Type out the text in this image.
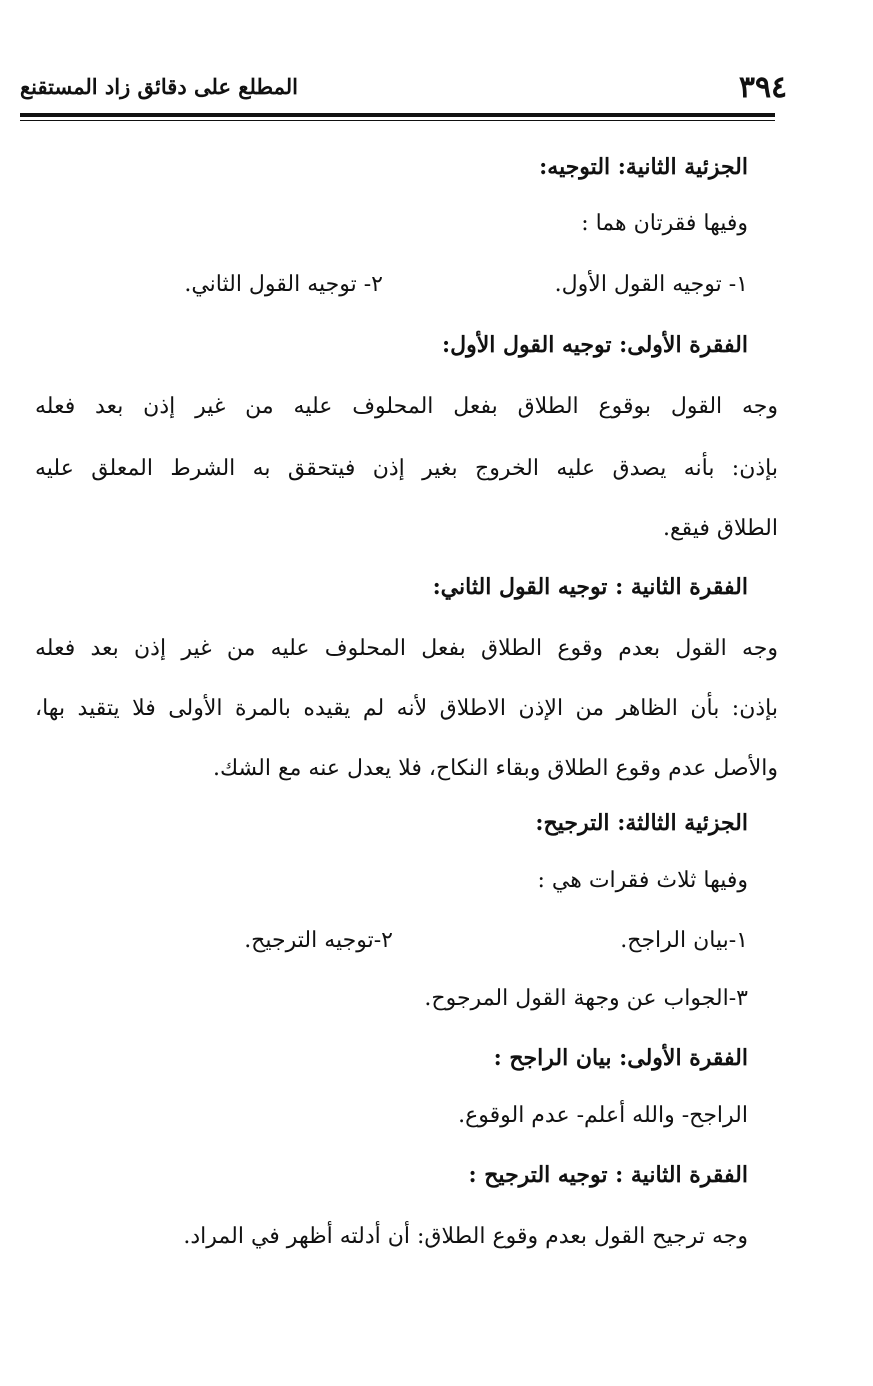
٣٩٤
المطلع على دقائق زاد المستقنع
الجزئية الثانية: التوجيه:
وفيها فقرتان هما :
١- توجيه القول الأول.
٢- توجيه القول الثاني.
الفقرة الأولى: توجيه القول الأول:
وجه القول بوقوع الطلاق بفعل المحلوف عليه من غير إذن بعد فعله
بإذن: بأنه يصدق عليه الخروج بغير إذن فيتحقق به الشرط المعلق عليه
الطلاق فيقع.
الفقرة الثانية : توجيه القول الثاني:
وجه القول بعدم وقوع الطلاق بفعل المحلوف عليه من غير إذن بعد فعله
بإذن: بأن الظاهر من الإذن الاطلاق لأنه لم يقيده بالمرة الأولى فلا يتقيد بها،
والأصل عدم وقوع الطلاق وبقاء النكاح، فلا يعدل عنه مع الشك.
الجزئية الثالثة: الترجيح:
وفيها ثلاث فقرات هي :
١-بيان الراجح.
٢-توجيه الترجيح.
٣-الجواب عن وجهة القول المرجوح.
الفقرة الأولى: بيان الراجح :
الراجح- والله أعلم- عدم الوقوع.
الفقرة الثانية : توجيه الترجيح :
وجه ترجيح القول بعدم وقوع الطلاق: أن أدلته أظهر في المراد.
